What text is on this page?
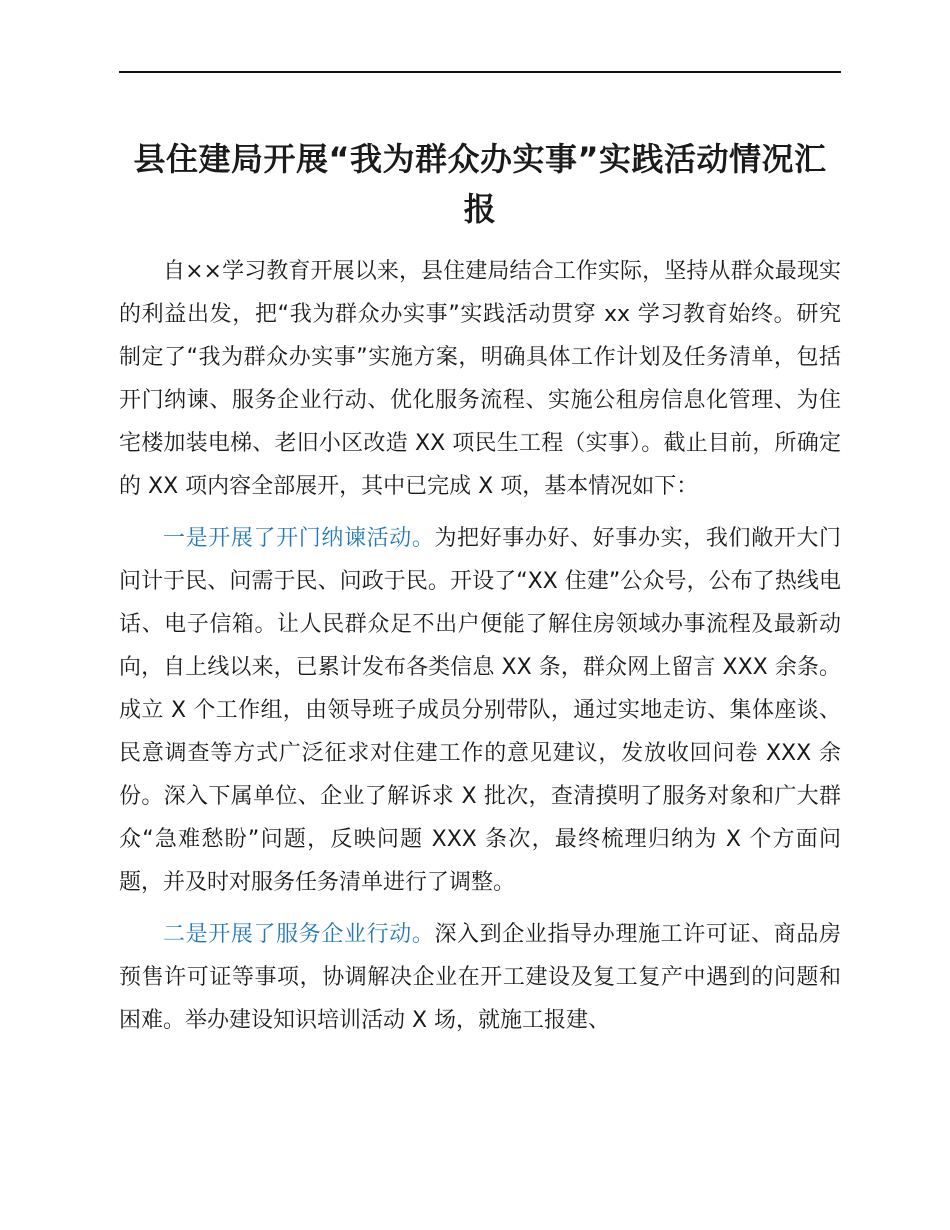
县住建局开展“我为群众办实事”实践活动情况汇报

自××学习教育开展以来，县住建局结合工作实际，坚持从群众最现实的利益出发，把“我为群众办实事”实践活动贯穿 xx 学习教育始终。研究制定了“我为群众办实事”实施方案，明确具体工作计划及任务清单，包括开门纳谏、服务企业行动、优化服务流程、实施公租房信息化管理、为住宅楼加装电梯、老旧小区改造 XX 项民生工程（实事）。截止目前，所确定的 XX 项内容全部展开，其中已完成 X 项，基本情况如下：

一是开展了开门纳谏活动。为把好事办好、好事办实，我们敞开大门问计于民、问需于民、问政于民。开设了“XX 住建”公众号，公布了热线电话、电子信箱。让人民群众足不出户便能了解住房领域办事流程及最新动向，自上线以来，已累计发布各类信息 XX 条，群众网上留言 XXX 余条。成立 X 个工作组，由领导班子成员分别带队，通过实地走访、集体座谈、民意调查等方式广泛征求对住建工作的意见建议，发放收回问卷 XXX 余份。深入下属单位、企业了解诉求 X 批次，查清摸明了服务对象和广大群众“急难愁盼”问题，反映问题 XXX 条次，最终梳理归纳为 X 个方面问题，并及时对服务任务清单进行了调整。

二是开展了服务企业行动。深入到企业指导办理施工许可证、商品房预售许可证等事项，协调解决企业在开工建设及复工复产中遇到的问题和困难。举办建设知识培训活动 X 场，就施工报建、
